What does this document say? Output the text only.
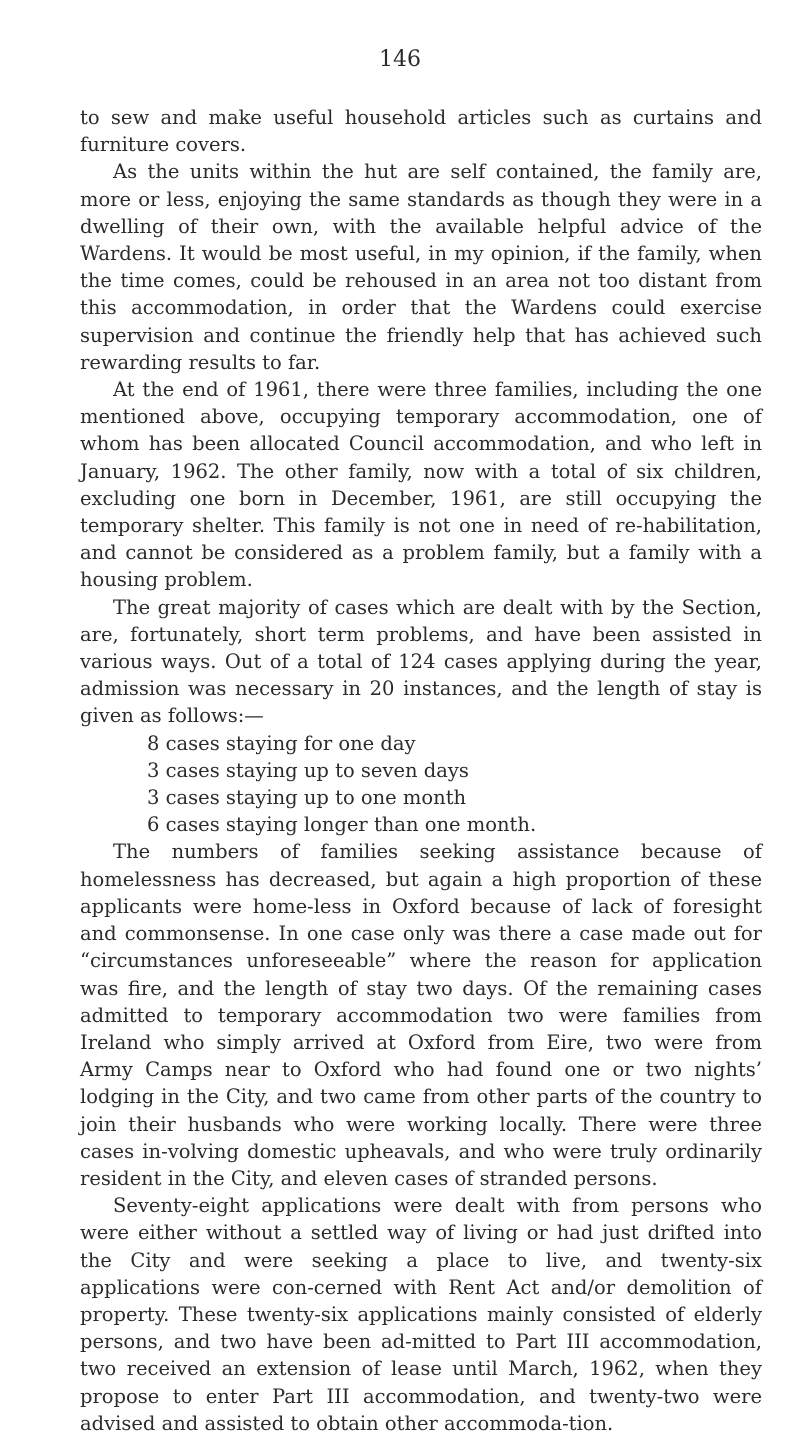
146

to sew and make useful household articles such as curtains and furniture covers.

As the units within the hut are self contained, the family are, more or less, enjoying the same standards as though they were in a dwelling of their own, with the available helpful advice of the Wardens. It would be most useful, in my opinion, if the family, when the time comes, could be rehoused in an area not too distant from this accommodation, in order that the Wardens could exercise supervision and continue the friendly help that has achieved such rewarding results to far.

At the end of 1961, there were three families, including the one mentioned above, occupying temporary accommodation, one of whom has been allocated Council accommodation, and who left in January, 1962. The other family, now with a total of six children, excluding one born in December, 1961, are still occupying the temporary shelter. This family is not one in need of re-habilitation, and cannot be considered as a problem family, but a family with a housing problem.

The great majority of cases which are dealt with by the Section, are, fortunately, short term problems, and have been assisted in various ways. Out of a total of 124 cases applying during the year, admission was necessary in 20 instances, and the length of stay is given as follows:—

8 cases staying for one day
3 cases staying up to seven days
3 cases staying up to one month
6 cases staying longer than one month.

The numbers of families seeking assistance because of homelessness has decreased, but again a high proportion of these applicants were home-less in Oxford because of lack of foresight and commonsense. In one case only was there a case made out for “circumstances unforeseeable” where the reason for application was fire, and the length of stay two days. Of the remaining cases admitted to temporary accommodation two were families from Ireland who simply arrived at Oxford from Eire, two were from Army Camps near to Oxford who had found one or two nights’ lodging in the City, and two came from other parts of the country to join their husbands who were working locally. There were three cases in-volving domestic upheavals, and who were truly ordinarily resident in the City, and eleven cases of stranded persons.

Seventy-eight applications were dealt with from persons who were either without a settled way of living or had just drifted into the City and were seeking a place to live, and twenty-six applications were con-cerned with Rent Act and/or demolition of property. These twenty-six applications mainly consisted of elderly persons, and two have been ad-mitted to Part III accommodation, two received an extension of lease until March, 1962, when they propose to enter Part III accommodation, and twenty-two were advised and assisted to obtain other accommoda-tion.
